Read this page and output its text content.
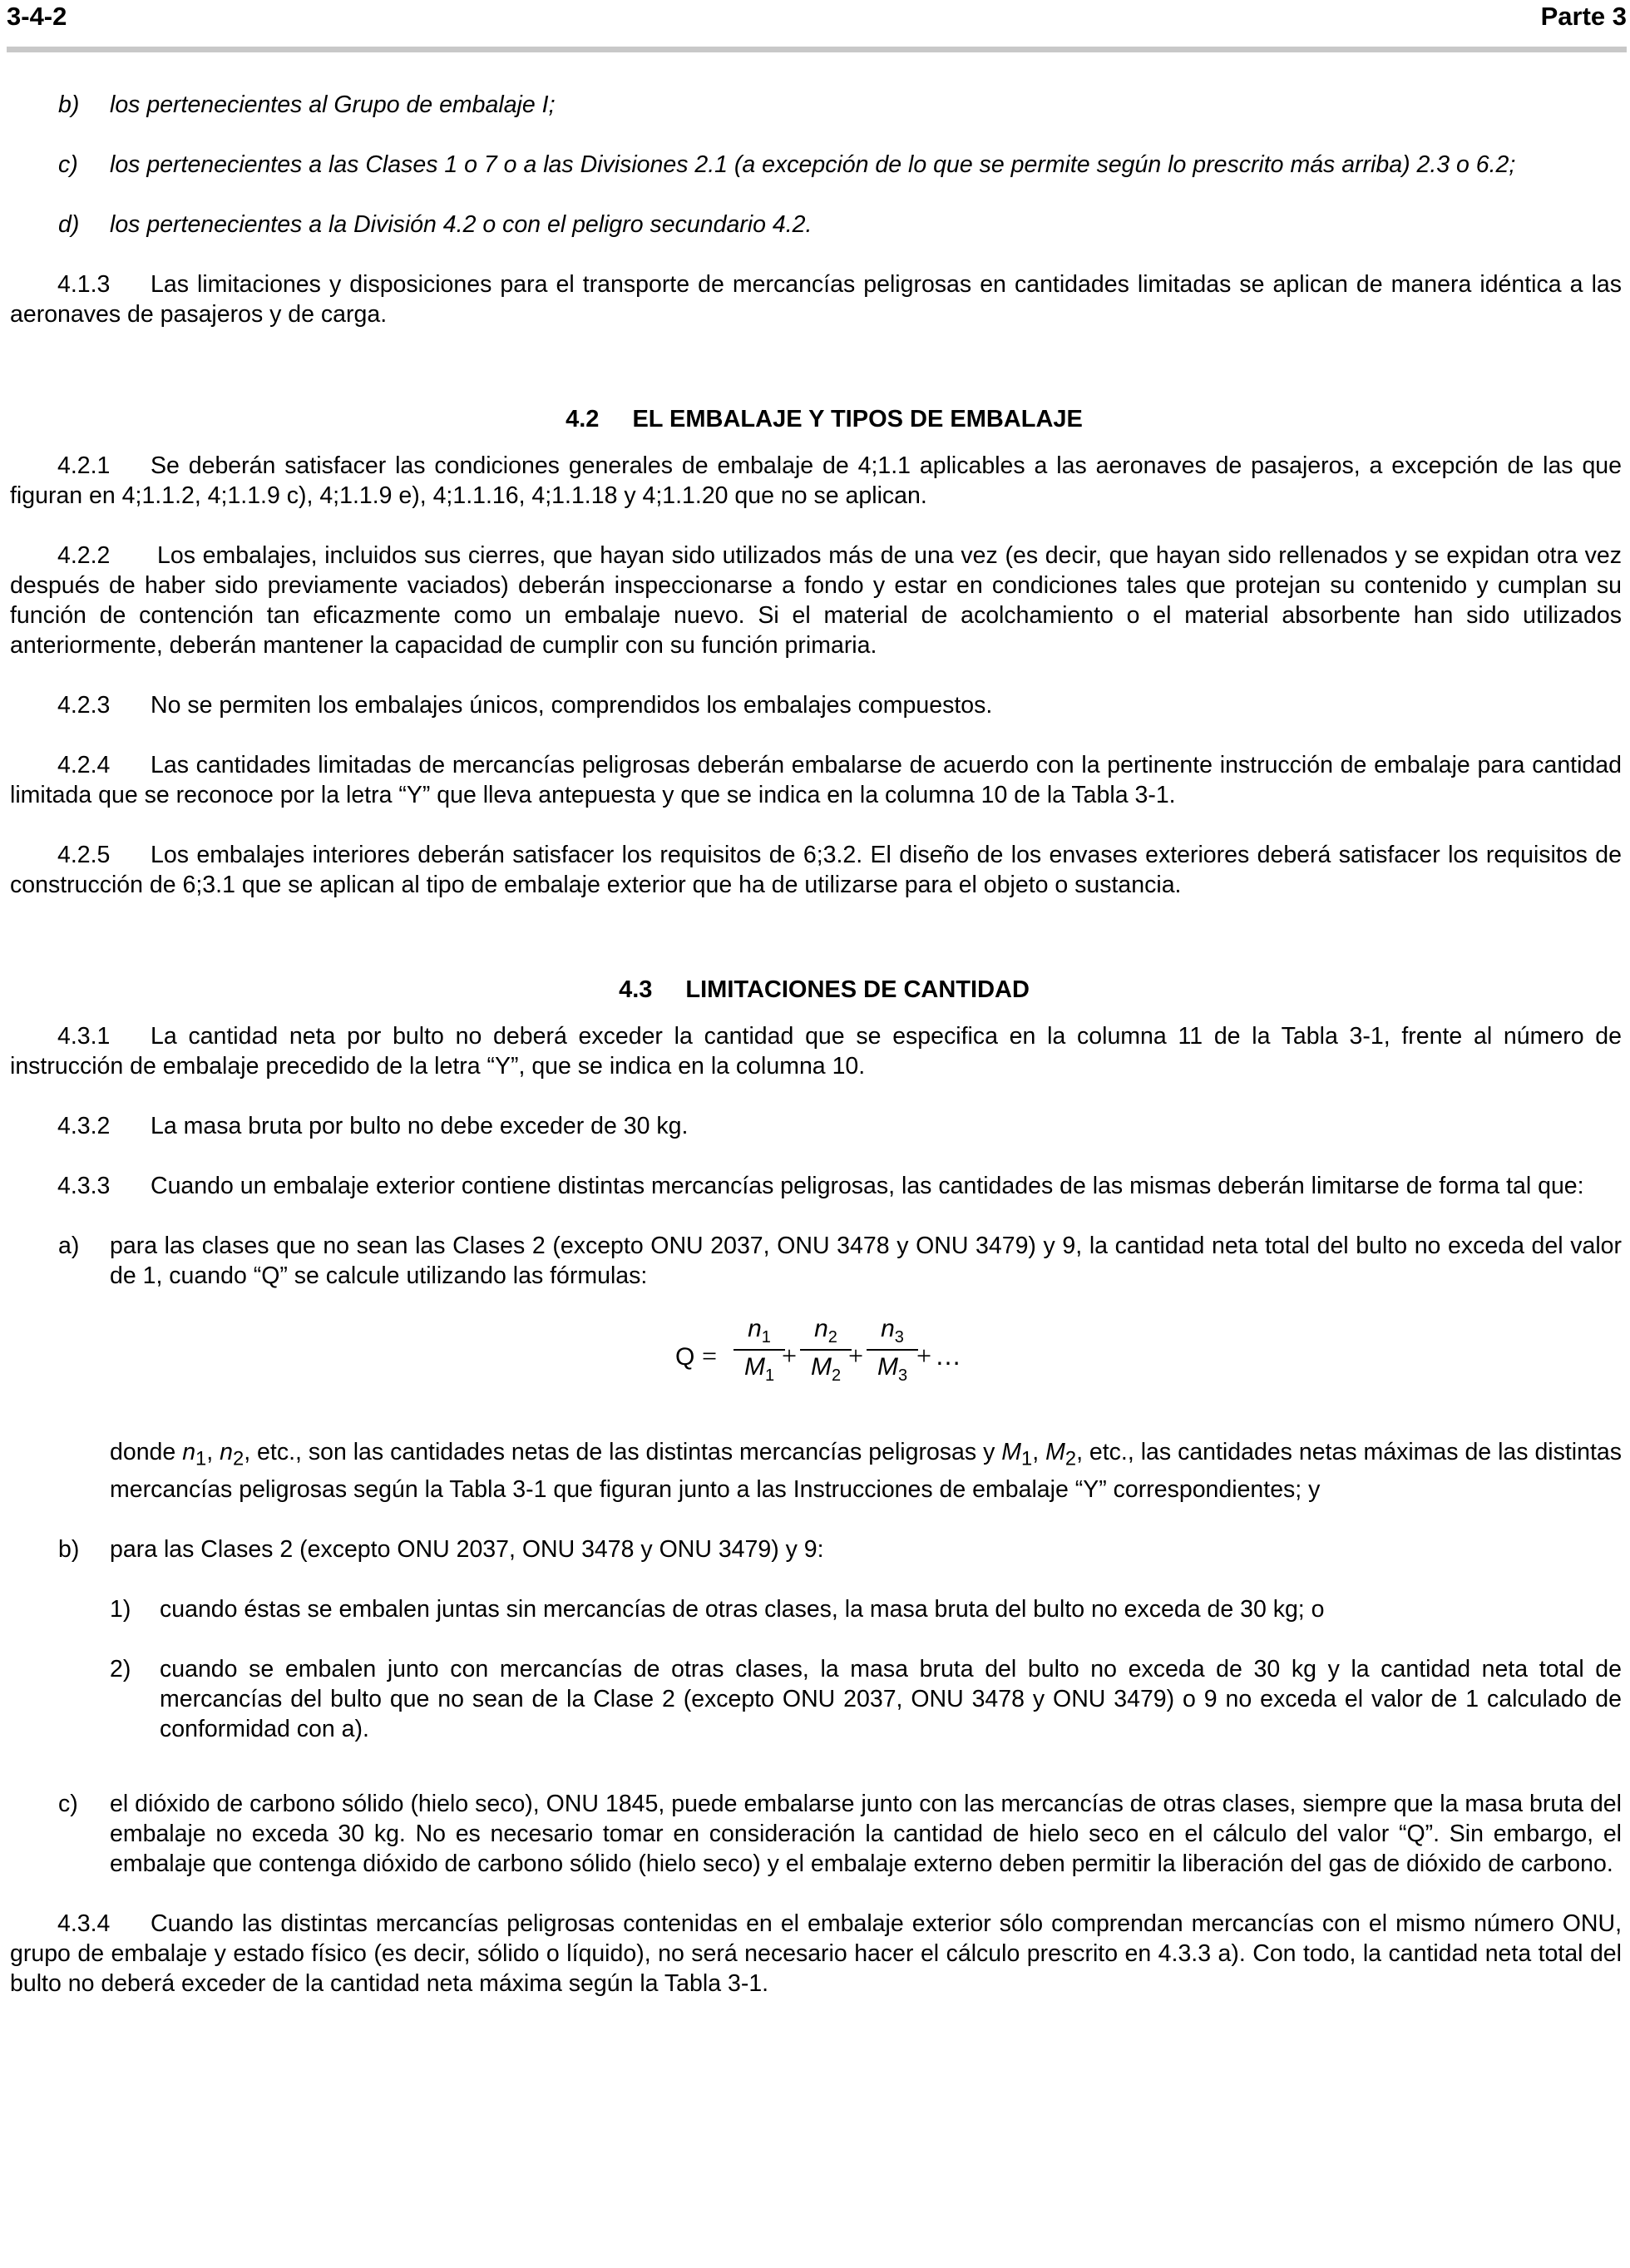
3-4-2	Parte 3
b) los pertenecientes al Grupo de embalaje I;
c) los pertenecientes a las Clases 1 o 7 o a las Divisiones 2.1 (a excepción de lo que se permite según lo prescrito más arriba) 2.3 o 6.2;
d) los pertenecientes a la División 4.2 o con el peligro secundario 4.2.

4.1.3 Las limitaciones y disposiciones para el transporte de mercancías peligrosas en cantidades limitadas se aplican de manera idéntica a las aeronaves de pasajeros y de carga.

4.2 EL EMBALAJE Y TIPOS DE EMBALAJE

4.2.1 Se deberán satisfacer las condiciones generales de embalaje de 4;1.1 aplicables a las aeronaves de pasajeros, a excepción de las que figuran en 4;1.1.2, 4;1.1.9 c), 4;1.1.9 e), 4;1.1.16, 4;1.1.18 y 4;1.1.20 que no se aplican.

4.2.2 Los embalajes, incluidos sus cierres, que hayan sido utilizados más de una vez (es decir, que hayan sido rellenados y se expidan otra vez después de haber sido previamente vaciados) deberán inspeccionarse a fondo y estar en condiciones tales que protejan su contenido y cumplan su función de contención tan eficazmente como un embalaje nuevo. Si el material de acolchamiento o el material absorbente han sido utilizados anteriormente, deberán mantener la capacidad de cumplir con su función primaria.

4.2.3 No se permiten los embalajes únicos, comprendidos los embalajes compuestos.

4.2.4 Las cantidades limitadas de mercancías peligrosas deberán embalarse de acuerdo con la pertinente instrucción de embalaje para cantidad limitada que se reconoce por la letra “Y” que lleva antepuesta y que se indica en la columna 10 de la Tabla 3-1.

4.2.5 Los embalajes interiores deberán satisfacer los requisitos de 6;3.2. El diseño de los envases exteriores deberá satisfacer los requisitos de construcción de 6;3.1 que se aplican al tipo de embalaje exterior que ha de utilizarse para el objeto o sustancia.

4.3 LIMITACIONES DE CANTIDAD

4.3.1 La cantidad neta por bulto no deberá exceder la cantidad que se especifica en la columna 11 de la Tabla 3-1, frente al número de instrucción de embalaje precedido de la letra “Y”, que se indica en la columna 10.

4.3.2 La masa bruta por bulto no debe exceder de 30 kg.

4.3.3 Cuando un embalaje exterior contiene distintas mercancías peligrosas, las cantidades de las mismas deberán limitarse de forma tal que:

a) para las clases que no sean las Clases 2 (excepto ONU 2037, ONU 3478 y ONU 3479) y 9, la cantidad neta total del bulto no exceda del valor de 1, cuando “Q” se calcule utilizando las fórmulas:
Q =
$n_1$
$M_1$
+
$n_2$
$M_2$
+
$n_3$
$M_3$
+ …
donde $n_1$, $n_2$, etc., son las cantidades netas de las distintas mercancías peligrosas y $M_1$, $M_2$, etc., las cantidades netas máximas de las distintas mercancías peligrosas según la Tabla 3-1 que figuran junto a las Instrucciones de embalaje “Y” correspondientes; y
b) para las Clases 2 (excepto ONU 2037, ONU 3478 y ONU 3479) y 9:
1) cuando éstas se embalen juntas sin mercancías de otras clases, la masa bruta del bulto no exceda de 30 kg; o
2) cuando se embalen junto con mercancías de otras clases, la masa bruta del bulto no exceda de 30 kg y la cantidad neta total de mercancías del bulto que no sean de la Clase 2 (excepto ONU 2037, ONU 3478 y ONU 3479) o 9 no exceda el valor de 1 calculado de conformidad con a).
c) el dióxido de carbono sólido (hielo seco), ONU 1845, puede embalarse junto con las mercancías de otras clases, siempre que la masa bruta del embalaje no exceda 30 kg. No es necesario tomar en consideración la cantidad de hielo seco en el cálculo del valor “Q”. Sin embargo, el embalaje que contenga dióxido de carbono sólido (hielo seco) y el embalaje externo deben permitir la liberación del gas de dióxido de carbono.

4.3.4 Cuando las distintas mercancías peligrosas contenidas en el embalaje exterior sólo comprendan mercancías con el mismo número ONU, grupo de embalaje y estado físico (es decir, sólido o líquido), no será necesario hacer el cálculo prescrito en 4.3.3 a). Con todo, la cantidad neta total del bulto no deberá exceder de la cantidad neta máxima según la Tabla 3-1.
